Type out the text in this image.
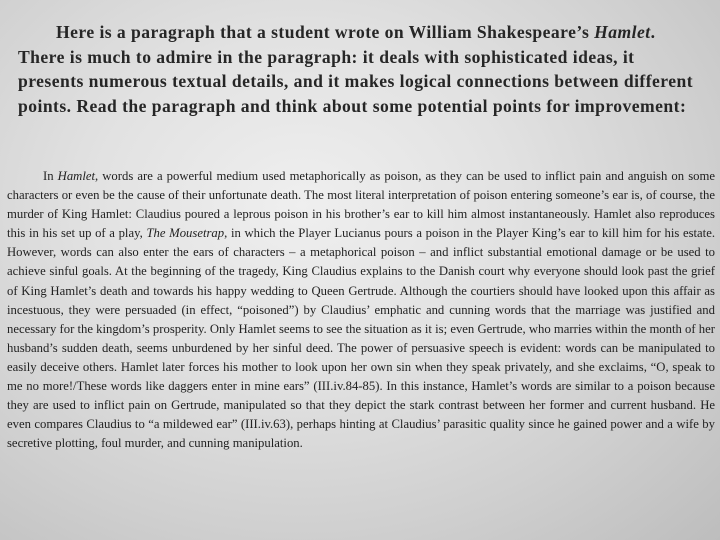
Here is a paragraph that a student wrote on William Shakespeare’s Hamlet. There is much to admire in the paragraph: it deals with sophisticated ideas, it presents numerous textual details, and it makes logical connections between different points. Read the paragraph and think about some potential points for improvement:

In Hamlet, words are a powerful medium used metaphorically as poison, as they can be used to inflict pain and anguish on some characters or even be the cause of their unfortunate death. The most literal interpretation of poison entering someone’s ear is, of course, the murder of King Hamlet: Claudius poured a leprous poison in his brother’s ear to kill him almost instantaneously. Hamlet also reproduces this in his set up of a play, The Mousetrap, in which the Player Lucianus pours a poison in the Player King’s ear to kill him for his estate. However, words can also enter the ears of characters – a metaphorical poison – and inflict substantial emotional damage or be used to achieve sinful goals. At the beginning of the tragedy, King Claudius explains to the Danish court why everyone should look past the grief of King Hamlet’s death and towards his happy wedding to Queen Gertrude. Although the courtiers should have looked upon this affair as incestuous, they were persuaded (in effect, “poisoned”) by Claudius’ emphatic and cunning words that the marriage was justified and necessary for the kingdom’s prosperity. Only Hamlet seems to see the situation as it is; even Gertrude, who marries within the month of her husband’s sudden death, seems unburdened by her sinful deed. The power of persuasive speech is evident: words can be manipulated to easily deceive others. Hamlet later forces his mother to look upon her own sin when they speak privately, and she exclaims, “O, speak to me no more!/These words like daggers enter in mine ears” (III.iv.84-85). In this instance, Hamlet’s words are similar to a poison because they are used to inflict pain on Gertrude, manipulated so that they depict the stark contrast between her former and current husband. He even compares Claudius to “a mildewed ear” (III.iv.63), perhaps hinting at Claudius’ parasitic quality since he gained power and a wife by secretive plotting, foul murder, and cunning manipulation.
